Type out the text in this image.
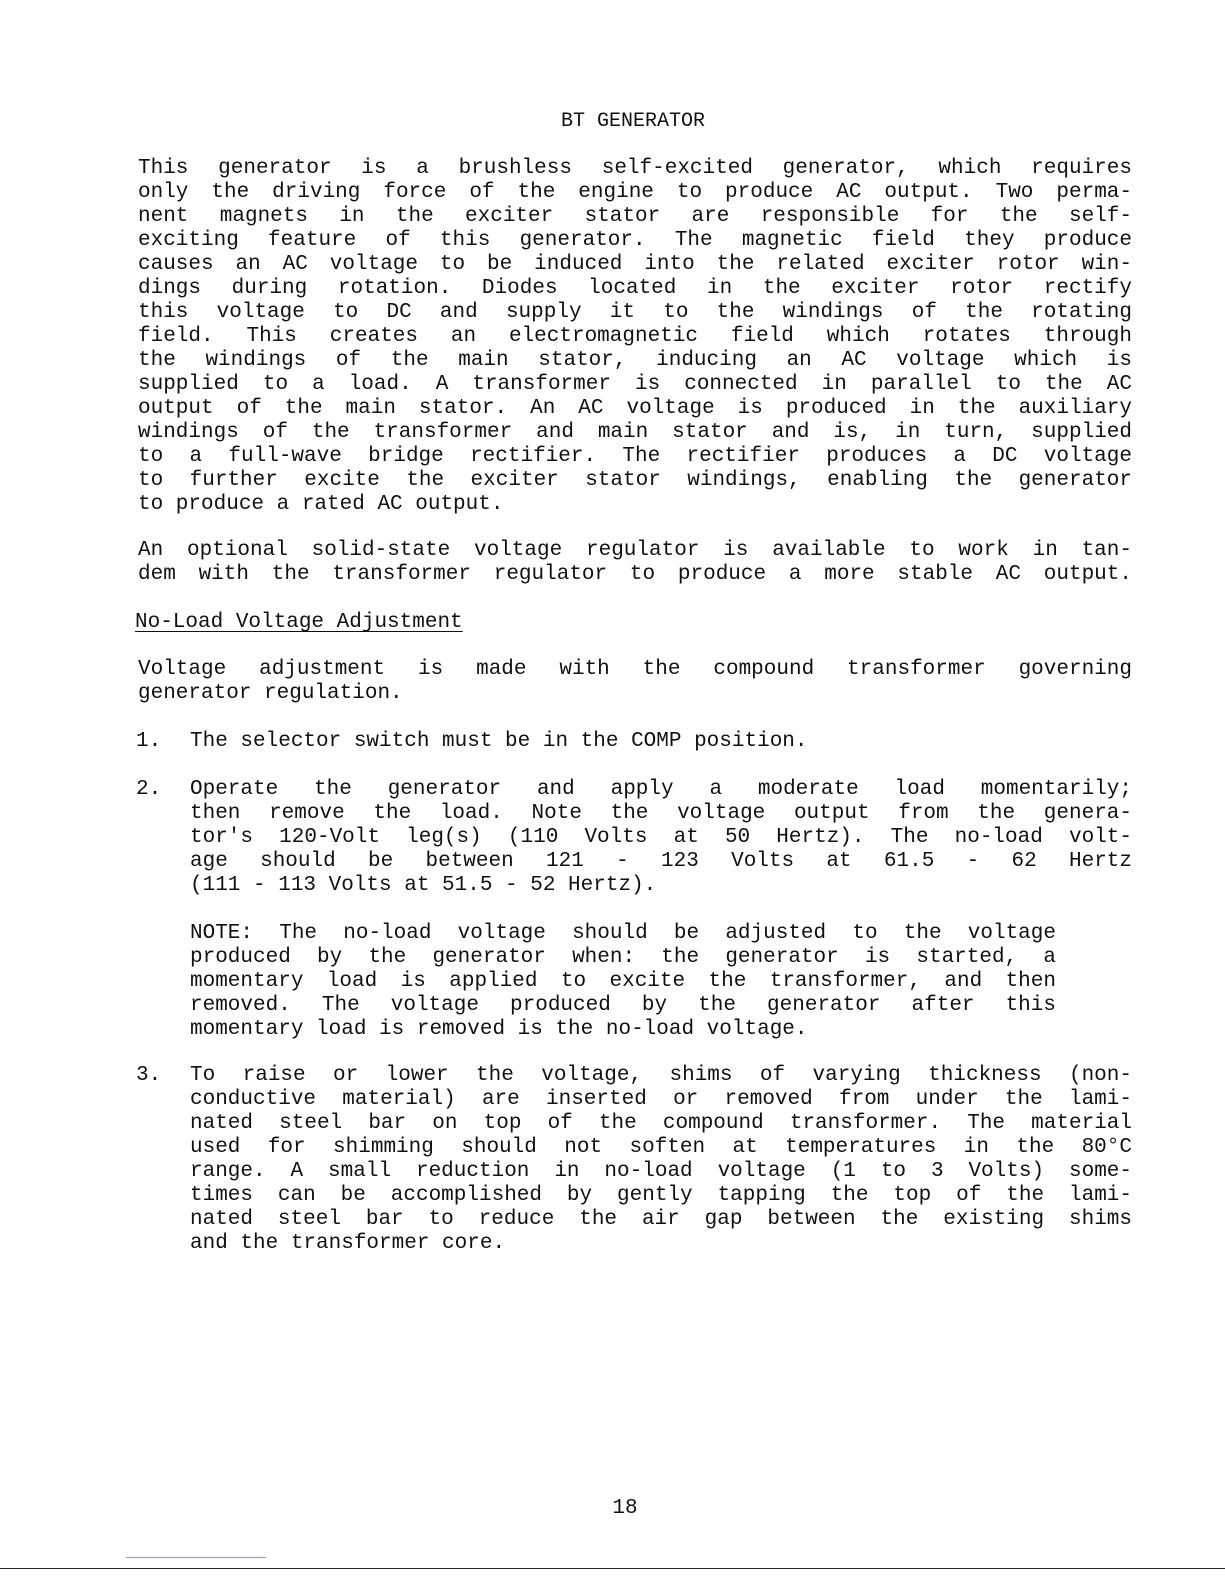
BT GENERATOR
This generator is a brushless self-excited generator, which requires
only the driving force of the engine to produce AC output. Two perma-
nent magnets in the exciter stator are responsible for the self-
exciting feature of this generator. The magnetic field they produce
causes an AC voltage to be induced into the related exciter rotor win-
dings during rotation. Diodes located in the exciter rotor rectify
this voltage to DC and supply it to the windings of the rotating
field. This creates an electromagnetic field which rotates through
the windings of the main stator, inducing an AC voltage which is
supplied to a load. A transformer is connected in parallel to the AC
output of the main stator. An AC voltage is produced in the auxiliary
windings of the transformer and main stator and is, in turn, supplied
to a full-wave bridge rectifier. The rectifier produces a DC voltage
to further excite the exciter stator windings, enabling the generator
to produce a rated AC output.
An optional solid-state voltage regulator is available to work in tan-
dem with the transformer regulator to produce a more stable AC output.
No-Load Voltage Adjustment
Voltage adjustment is made with the compound transformer governing
generator regulation.
1. The selector switch must be in the COMP position.
2. Operate the generator and apply a moderate load momentarily;
then remove the load. Note the voltage output from the genera-
tor's 120-Volt leg(s) (110 Volts at 50 Hertz). The no-load volt-
age should be between 121 - 123 Volts at 61.5 - 62 Hertz
(111 - 113 Volts at 51.5 - 52 Hertz).
NOTE: The no-load voltage should be adjusted to the voltage
produced by the generator when: the generator is started, a
momentary load is applied to excite the transformer, and then
removed. The voltage produced by the generator after this
momentary load is removed is the no-load voltage.
3. To raise or lower the voltage, shims of varying thickness (non-
conductive material) are inserted or removed from under the lami-
nated steel bar on top of the compound transformer. The material
used for shimming should not soften at temperatures in the 80°C
range. A small reduction in no-load voltage (1 to 3 Volts) some-
times can be accomplished by gently tapping the top of the lami-
nated steel bar to reduce the air gap between the existing shims
and the transformer core.
18
